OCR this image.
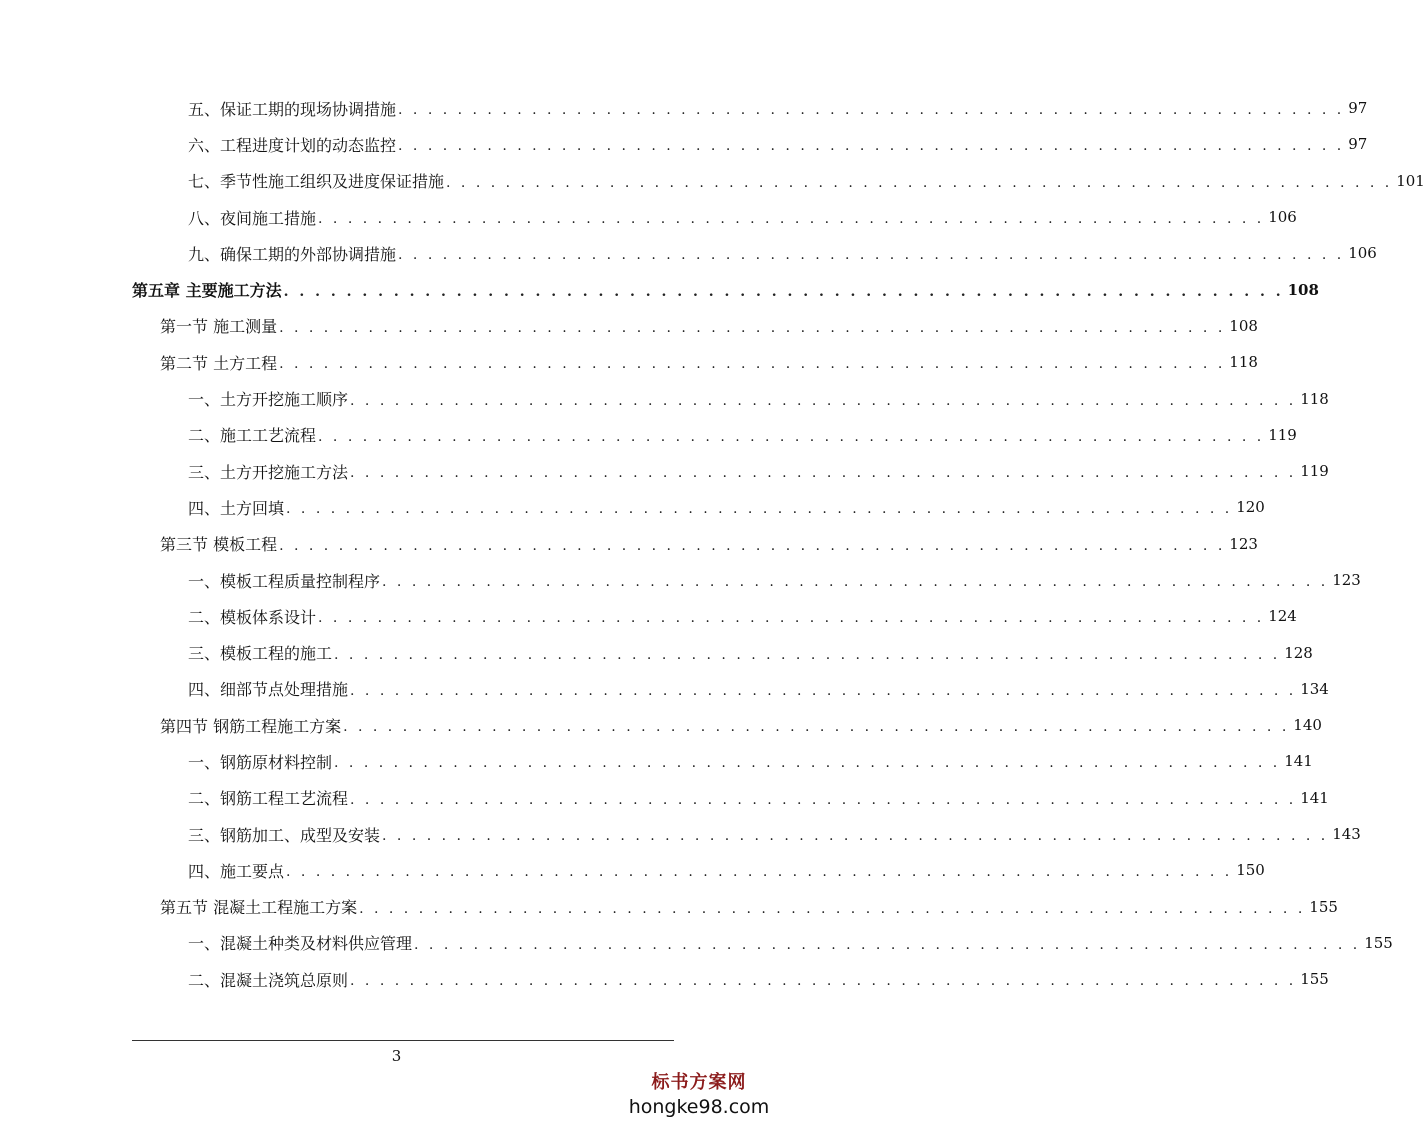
五、保证工期的现场协调措施 . . . . . . . . . . . . . . . . . . . . . . . . . . . . . . . . . . . . . . . . . . . . . . . . . . . . . . . . . . . . . . . . 97
六、工程进度计划的动态监控 . . . . . . . . . . . . . . . . . . . . . . . . . . . . . . . . . . . . . . . . . . . . . . . . . . . . . . . . . . . . . . . . 97
七、季节性施工组织及进度保证措施 . . . . . . . . . . . . . . . . . . . . . . . . . . . . . . . . . . . . . . . . . . . . . . . . . . . . . . . . . . . . . . . . 101
八、夜间施工措施 . . . . . . . . . . . . . . . . . . . . . . . . . . . . . . . . . . . . . . . . . . . . . . . . . . . . . . . . . . . . . . . . 106
九、确保工期的外部协调措施 . . . . . . . . . . . . . . . . . . . . . . . . . . . . . . . . . . . . . . . . . . . . . . . . . . . . . . . . . . . . . . . . 106
第五章 主要施工方法 . . . . . . . . . . . . . . . . . . . . . . . . . . . . . . . . . . . . . . . . . . . . . . . . . . . . . . . . . . . . . . . . 108
第一节 施工测量 . . . . . . . . . . . . . . . . . . . . . . . . . . . . . . . . . . . . . . . . . . . . . . . . . . . . . . . . . . . . . . . . 108
第二节 土方工程 . . . . . . . . . . . . . . . . . . . . . . . . . . . . . . . . . . . . . . . . . . . . . . . . . . . . . . . . . . . . . . . . 118
一、土方开挖施工顺序 . . . . . . . . . . . . . . . . . . . . . . . . . . . . . . . . . . . . . . . . . . . . . . . . . . . . . . . . . . . . . . . . 118
二、施工工艺流程 . . . . . . . . . . . . . . . . . . . . . . . . . . . . . . . . . . . . . . . . . . . . . . . . . . . . . . . . . . . . . . . . 119
三、土方开挖施工方法 . . . . . . . . . . . . . . . . . . . . . . . . . . . . . . . . . . . . . . . . . . . . . . . . . . . . . . . . . . . . . . . . 119
四、土方回填 . . . . . . . . . . . . . . . . . . . . . . . . . . . . . . . . . . . . . . . . . . . . . . . . . . . . . . . . . . . . . . . . 120
第三节 模板工程 . . . . . . . . . . . . . . . . . . . . . . . . . . . . . . . . . . . . . . . . . . . . . . . . . . . . . . . . . . . . . . . . 123
一、模板工程质量控制程序 . . . . . . . . . . . . . . . . . . . . . . . . . . . . . . . . . . . . . . . . . . . . . . . . . . . . . . . . . . . . . . . . 123
二、模板体系设计 . . . . . . . . . . . . . . . . . . . . . . . . . . . . . . . . . . . . . . . . . . . . . . . . . . . . . . . . . . . . . . . . 124
三、模板工程的施工 . . . . . . . . . . . . . . . . . . . . . . . . . . . . . . . . . . . . . . . . . . . . . . . . . . . . . . . . . . . . . . . . 128
四、细部节点处理措施 . . . . . . . . . . . . . . . . . . . . . . . . . . . . . . . . . . . . . . . . . . . . . . . . . . . . . . . . . . . . . . . . 134
第四节 钢筋工程施工方案 . . . . . . . . . . . . . . . . . . . . . . . . . . . . . . . . . . . . . . . . . . . . . . . . . . . . . . . . . . . . . . . . 140
一、钢筋原材料控制 . . . . . . . . . . . . . . . . . . . . . . . . . . . . . . . . . . . . . . . . . . . . . . . . . . . . . . . . . . . . . . . . 141
二、钢筋工程工艺流程 . . . . . . . . . . . . . . . . . . . . . . . . . . . . . . . . . . . . . . . . . . . . . . . . . . . . . . . . . . . . . . . . 141
三、钢筋加工、成型及安装 . . . . . . . . . . . . . . . . . . . . . . . . . . . . . . . . . . . . . . . . . . . . . . . . . . . . . . . . . . . . . . . . 143
四、施工要点 . . . . . . . . . . . . . . . . . . . . . . . . . . . . . . . . . . . . . . . . . . . . . . . . . . . . . . . . . . . . . . . . 150
第五节 混凝土工程施工方案 . . . . . . . . . . . . . . . . . . . . . . . . . . . . . . . . . . . . . . . . . . . . . . . . . . . . . . . . . . . . . . . . 155
一、混凝土种类及材料供应管理 . . . . . . . . . . . . . . . . . . . . . . . . . . . . . . . . . . . . . . . . . . . . . . . . . . . . . . . . . . . . . . . . 155
二、混凝土浇筑总原则 . . . . . . . . . . . . . . . . . . . . . . . . . . . . . . . . . . . . . . . . . . . . . . . . . . . . . . . . . . . . . . . . 155
3
标书方案网
hongke98.com
